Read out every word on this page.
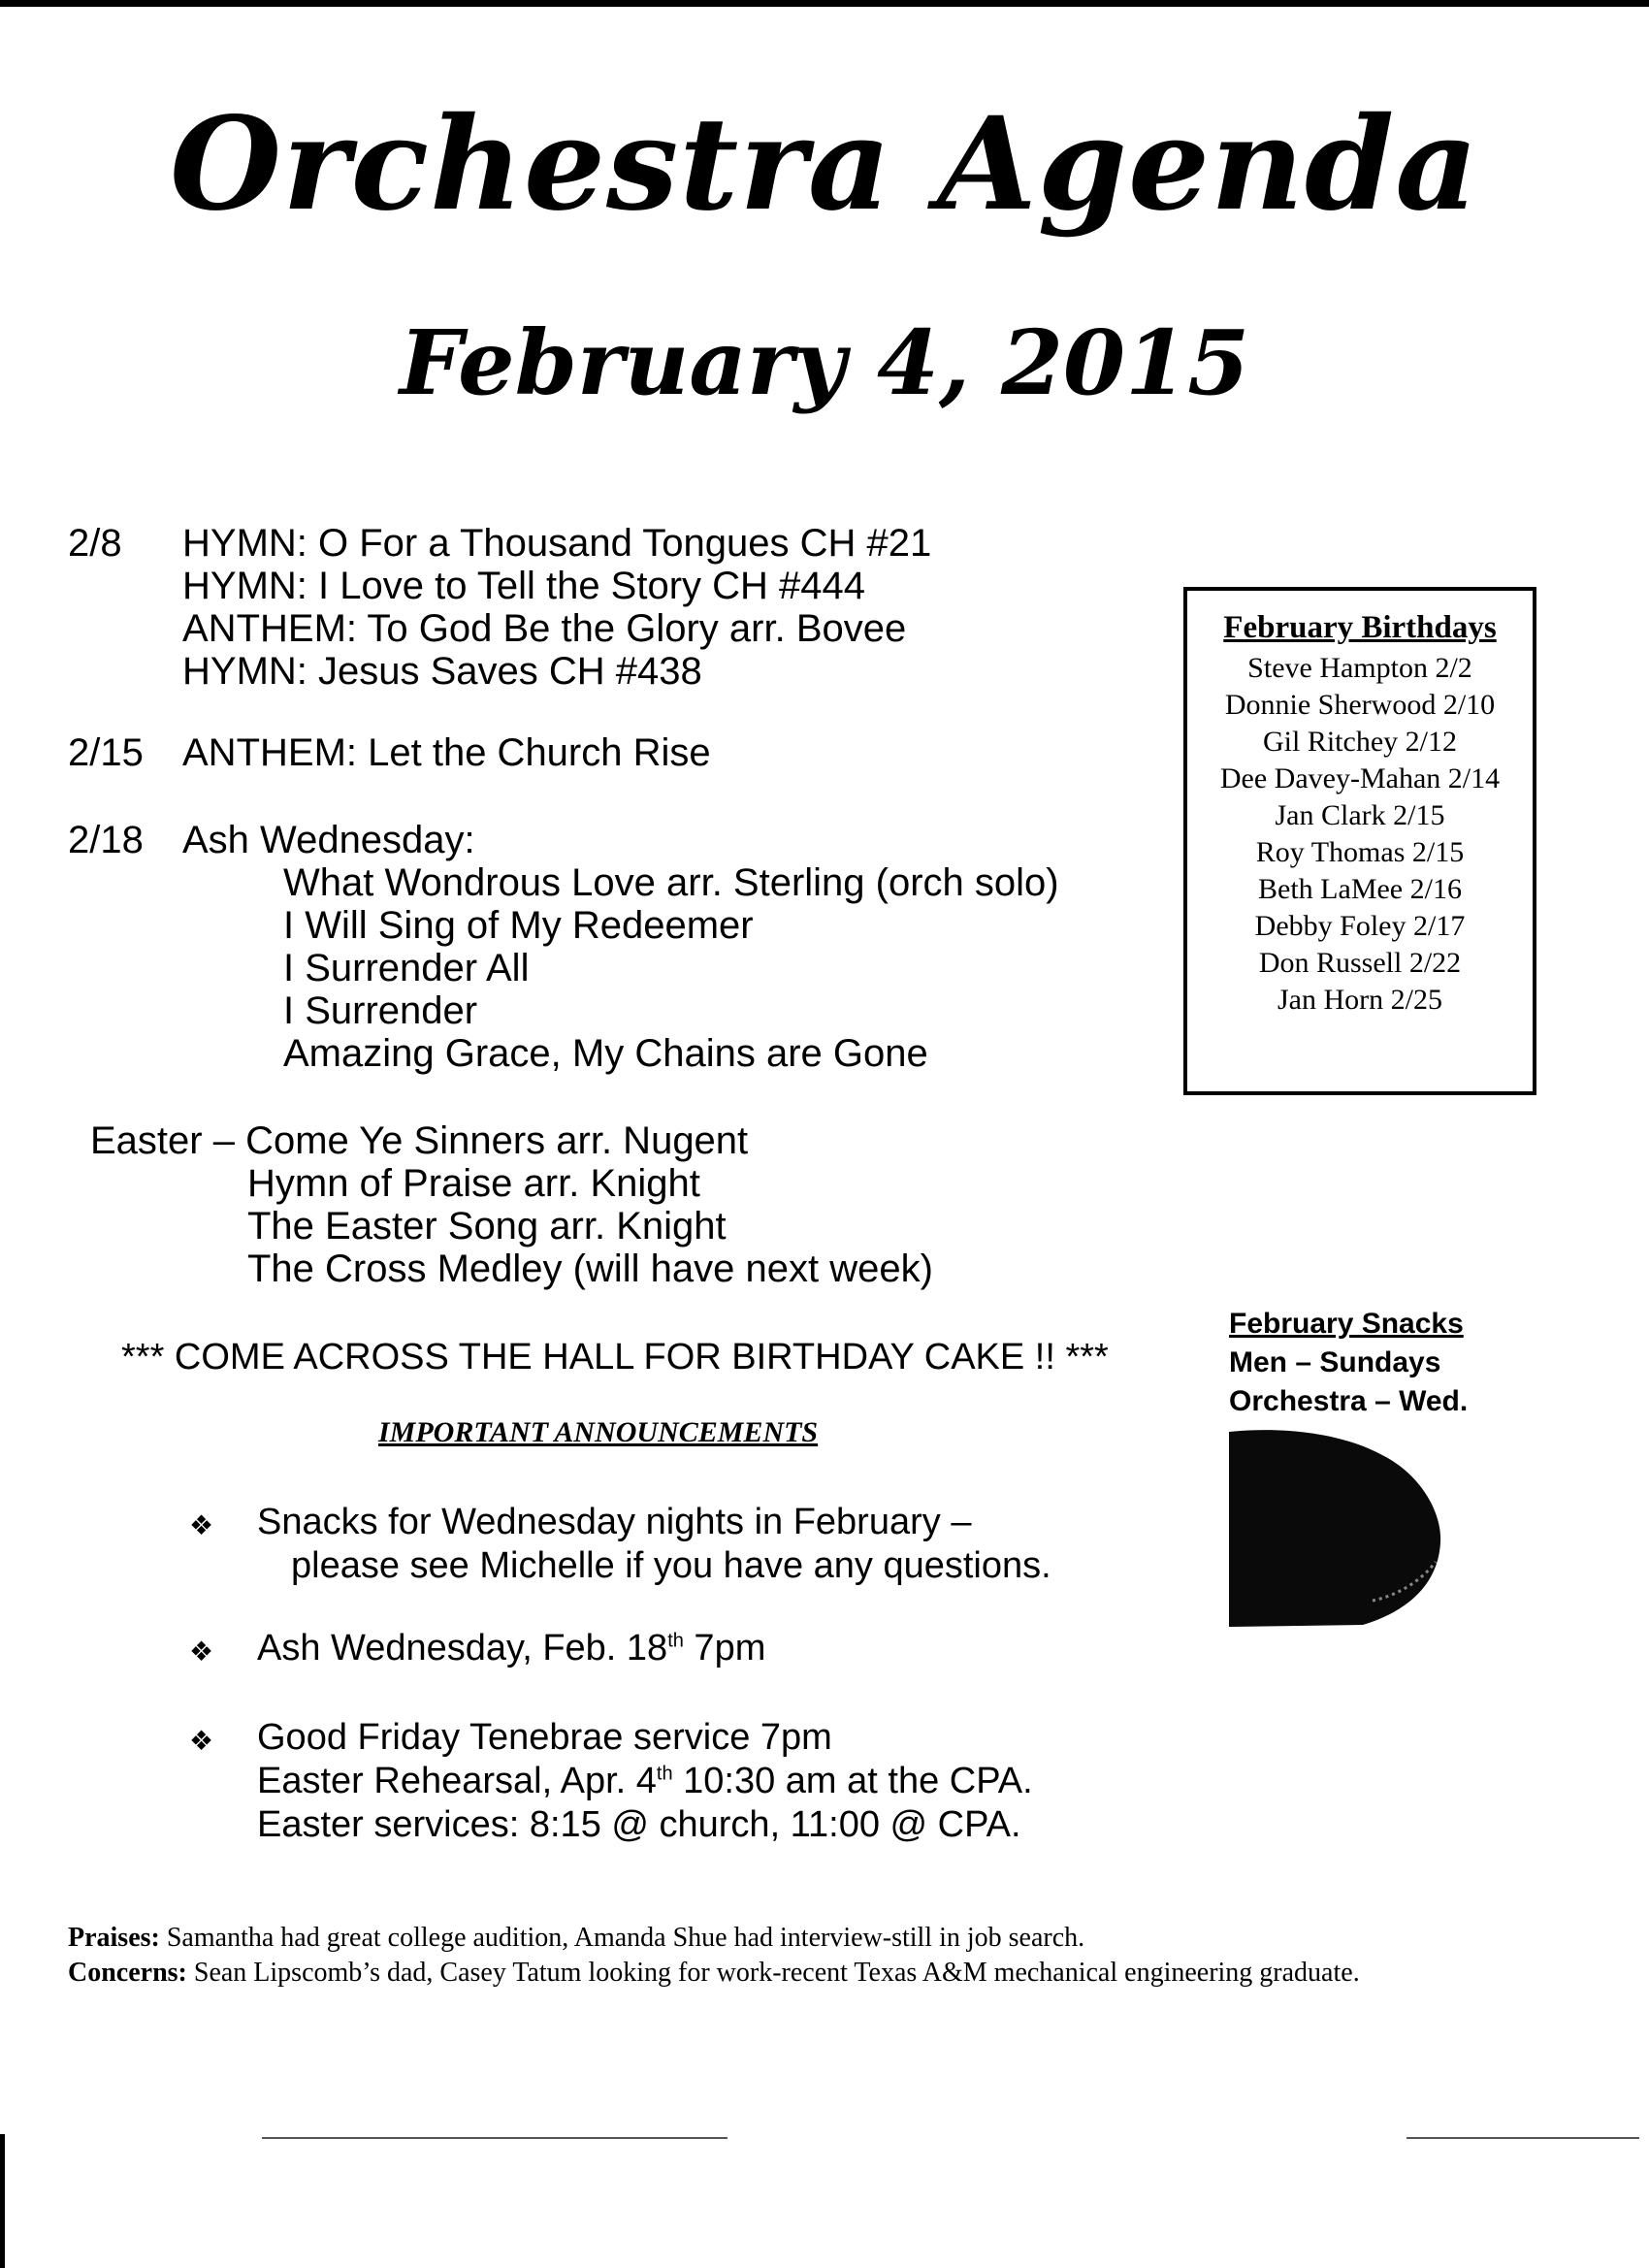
Orchestra Agenda
February 4, 2015
2/8 HYMN: O For a Thousand Tongues CH #21
HYMN: I Love to Tell the Story CH #444
ANTHEM: To God Be the Glory arr. Bovee
HYMN: Jesus Saves CH #438
2/15 ANTHEM: Let the Church Rise
2/18 Ash Wednesday:
What Wondrous Love arr. Sterling (orch solo)
I Will Sing of My Redeemer
I Surrender All
I Surrender
Amazing Grace, My Chains are Gone
Easter – Come Ye Sinners arr. Nugent
Hymn of Praise arr. Knight
The Easter Song arr. Knight
The Cross Medley (will have next week)
February Birthdays
Steve Hampton 2/2
Donnie Sherwood 2/10
Gil Ritchey 2/12
Dee Davey-Mahan 2/14
Jan Clark 2/15
Roy Thomas 2/15
Beth LaMee 2/16
Debby Foley 2/17
Don Russell 2/22
Jan Horn 2/25
February Snacks
Men – Sundays
Orchestra – Wed.
*** COME ACROSS THE HALL FOR BIRTHDAY CAKE !! ***
IMPORTANT ANNOUNCEMENTS
❖ Snacks for Wednesday nights in February –
please see Michelle if you have any questions.
❖ Ash Wednesday, Feb. 18th 7pm
❖ Good Friday Tenebrae service 7pm
Easter Rehearsal, Apr. 4th 10:30 am at the CPA.
Easter services: 8:15 @ church, 11:00 @ CPA.
Praises: Samantha had great college audition, Amanda Shue had interview-still in job search.
Concerns: Sean Lipscomb’s dad, Casey Tatum looking for work-recent Texas A&M mechanical engineering graduate.
